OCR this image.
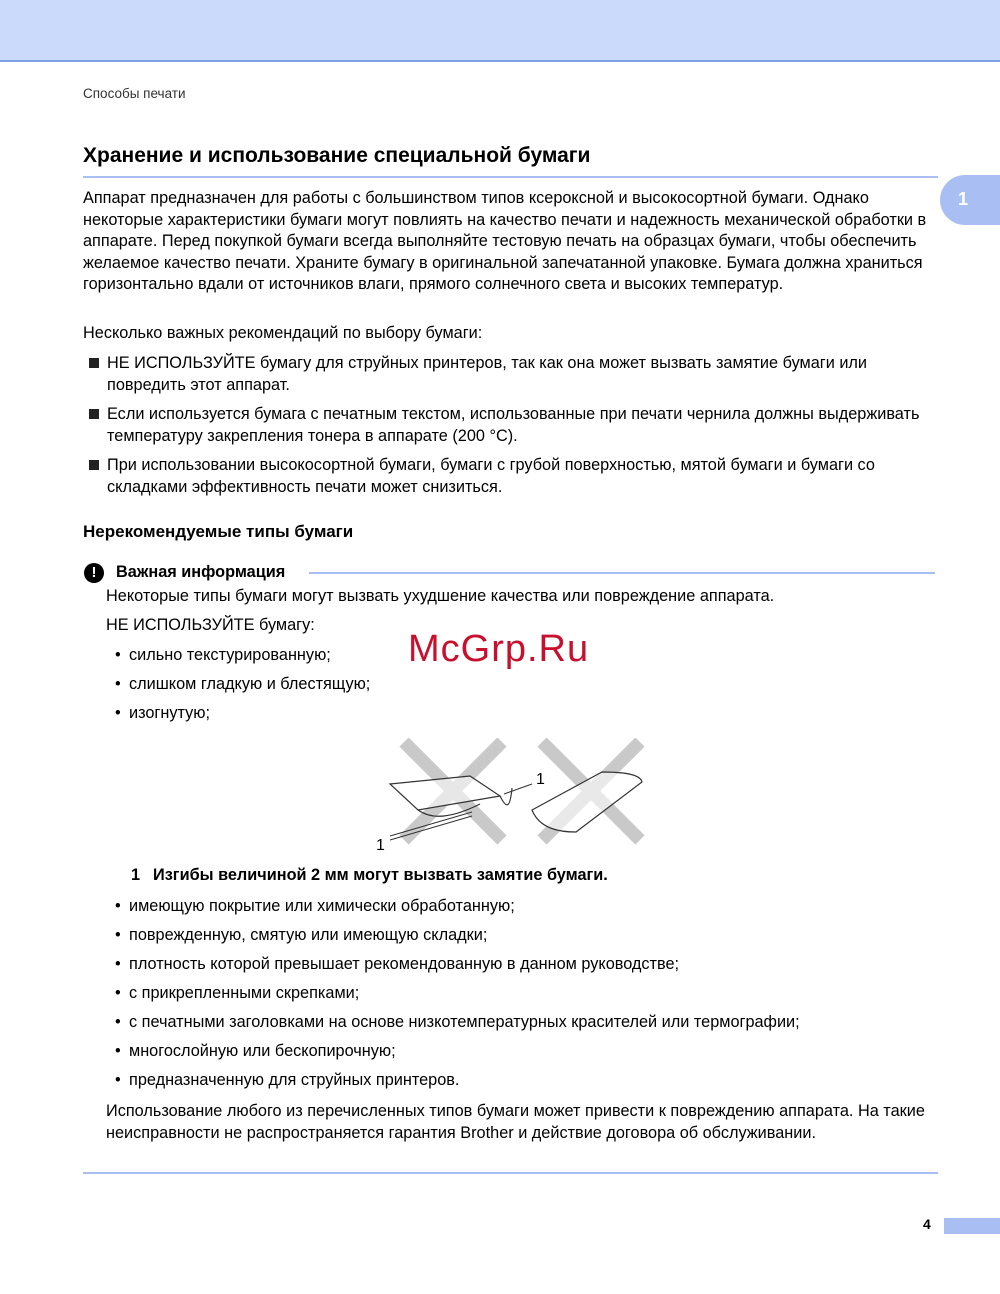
Способы печати
Хранение и использование специальной бумаги
1

Аппарат предназначен для работы с большинством типов ксероксной и высокосортной бумаги. Однако некоторые характеристики бумаги могут повлиять на качество печати и надежность механической обработки в аппарате. Перед покупкой бумаги всегда выполняйте тестовую печать на образцах бумаги, чтобы обеспечить желаемое качество печати. Храните бумагу в оригинальной запечатанной упаковке. Бумага должна храниться горизонтально вдали от источников влаги, прямого солнечного света и высоких температур.

Несколько важных рекомендаций по выбору бумаги:

НЕ ИСПОЛЬЗУЙТЕ бумагу для струйных принтеров, так как она может вызвать замятие бумаги или повредить этот аппарат.
Если используется бумага с печатным текстом, использованные при печати чернила должны выдерживать температуру закрепления тонера в аппарате (200 °C).
При использовании высокосортной бумаги, бумаги с грубой поверхностью, мятой бумаги и бумаги со складками эффективность печати может снизиться.
Нерекомендуемые типы бумаги
!	Важная информация
Некоторые типы бумаги могут вызвать ухудшение качества или повреждение аппарата.
НЕ ИСПОЛЬЗУЙТЕ бумагу:
• сильно текстурированную;
• слишком гладкую и блестящую;
• изогнутую;
McGrp.Ru
1
1
1 Изгибы величиной 2 мм могут вызвать замятие бумаги.
• имеющую покрытие или химически обработанную;
• поврежденную, смятую или имеющую складки;
• плотность которой превышает рекомендованную в данном руководстве;
• с прикрепленными скрепками;
• с печатными заголовками на основе низкотемпературных красителей или термографии;
• многослойную или бескопирочную;
• предназначенную для струйных принтеров.
Использование любого из перечисленных типов бумаги может привести к повреждению аппарата. На такие неисправности не распространяется гарантия Brother и действие договора об обслуживании.
4
